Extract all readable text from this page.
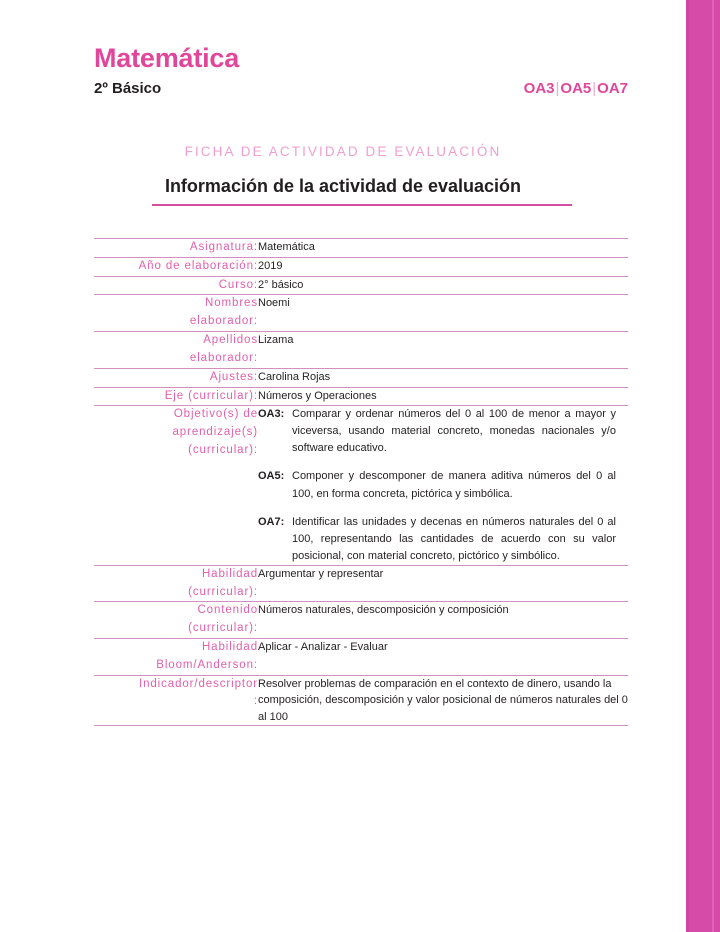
Matemática
2º Básico	OA3|OA5|OA7
FICHA DE ACTIVIDAD DE EVALUACIÓN
Información de la actividad de evaluación
Asignatura:	Matemática
Año de elaboración:	2019
Curso:	2° básico

Nombres
elaborador:	Noemi

Apellidos
elaborador:	Lizama
Ajustes:	Carolina Rojas
Eje (curricular):	Números y Operaciones

Objetivo(s) de
aprendizaje(s)
(curricular):

OA3: Comparar y ordenar números del 0 al 100 de menor a mayor y viceversa, usando material concreto, monedas nacionales y/o software educativo.
OA5: Componer y descomponer de manera aditiva números del 0 al 100, en forma concreta, pictórica y simbólica.
OA7: Identificar las unidades y decenas en números naturales del 0 al 100, representando las cantidades de acuerdo con su valor posicional, con material concreto, pictórico y simbólico.

Habilidad
(curricular):	Argumentar y representar

Contenido
(curricular):	Números naturales, descomposición y composición

Habilidad
Bloom/Anderson:	Aplicar - Analizar - Evaluar

Indicador/descriptor
:	Resolver problemas de comparación en el contexto de dinero, usando la composición, descomposición y valor posicional de números naturales del 0 al 100
